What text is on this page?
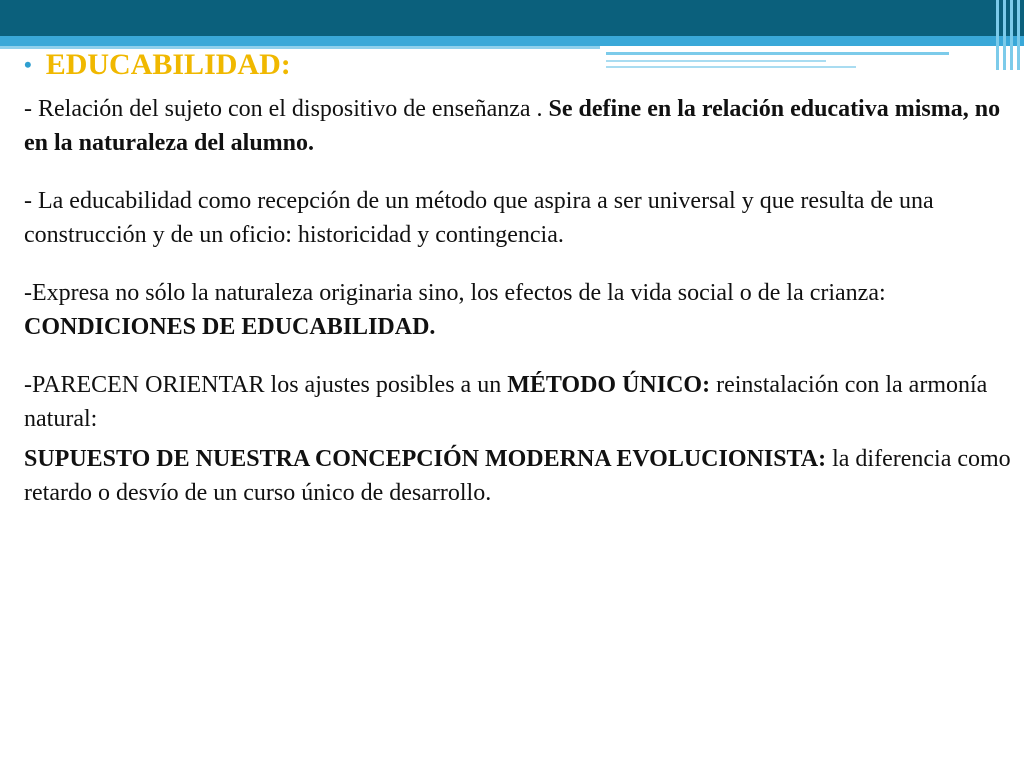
• EDUCABILIDAD:

- Relación del sujeto con el dispositivo de enseñanza . Se define en la relación educativa misma, no en la naturaleza del alumno.

- La educabilidad como recepción de un método que aspira a ser universal y que resulta de una construcción y de un oficio: historicidad y contingencia.

-Expresa no sólo la naturaleza originaria sino, los efectos de la vida social o de la crianza: CONDICIONES DE EDUCABILIDAD.

-PARECEN ORIENTAR los ajustes posibles a un MÉTODO ÚNICO: reinstalación con la armonía natural:

SUPUESTO DE NUESTRA CONCEPCIÓN MODERNA EVOLUCIONISTA: la diferencia como retardo o desvío de un curso único de desarrollo.
